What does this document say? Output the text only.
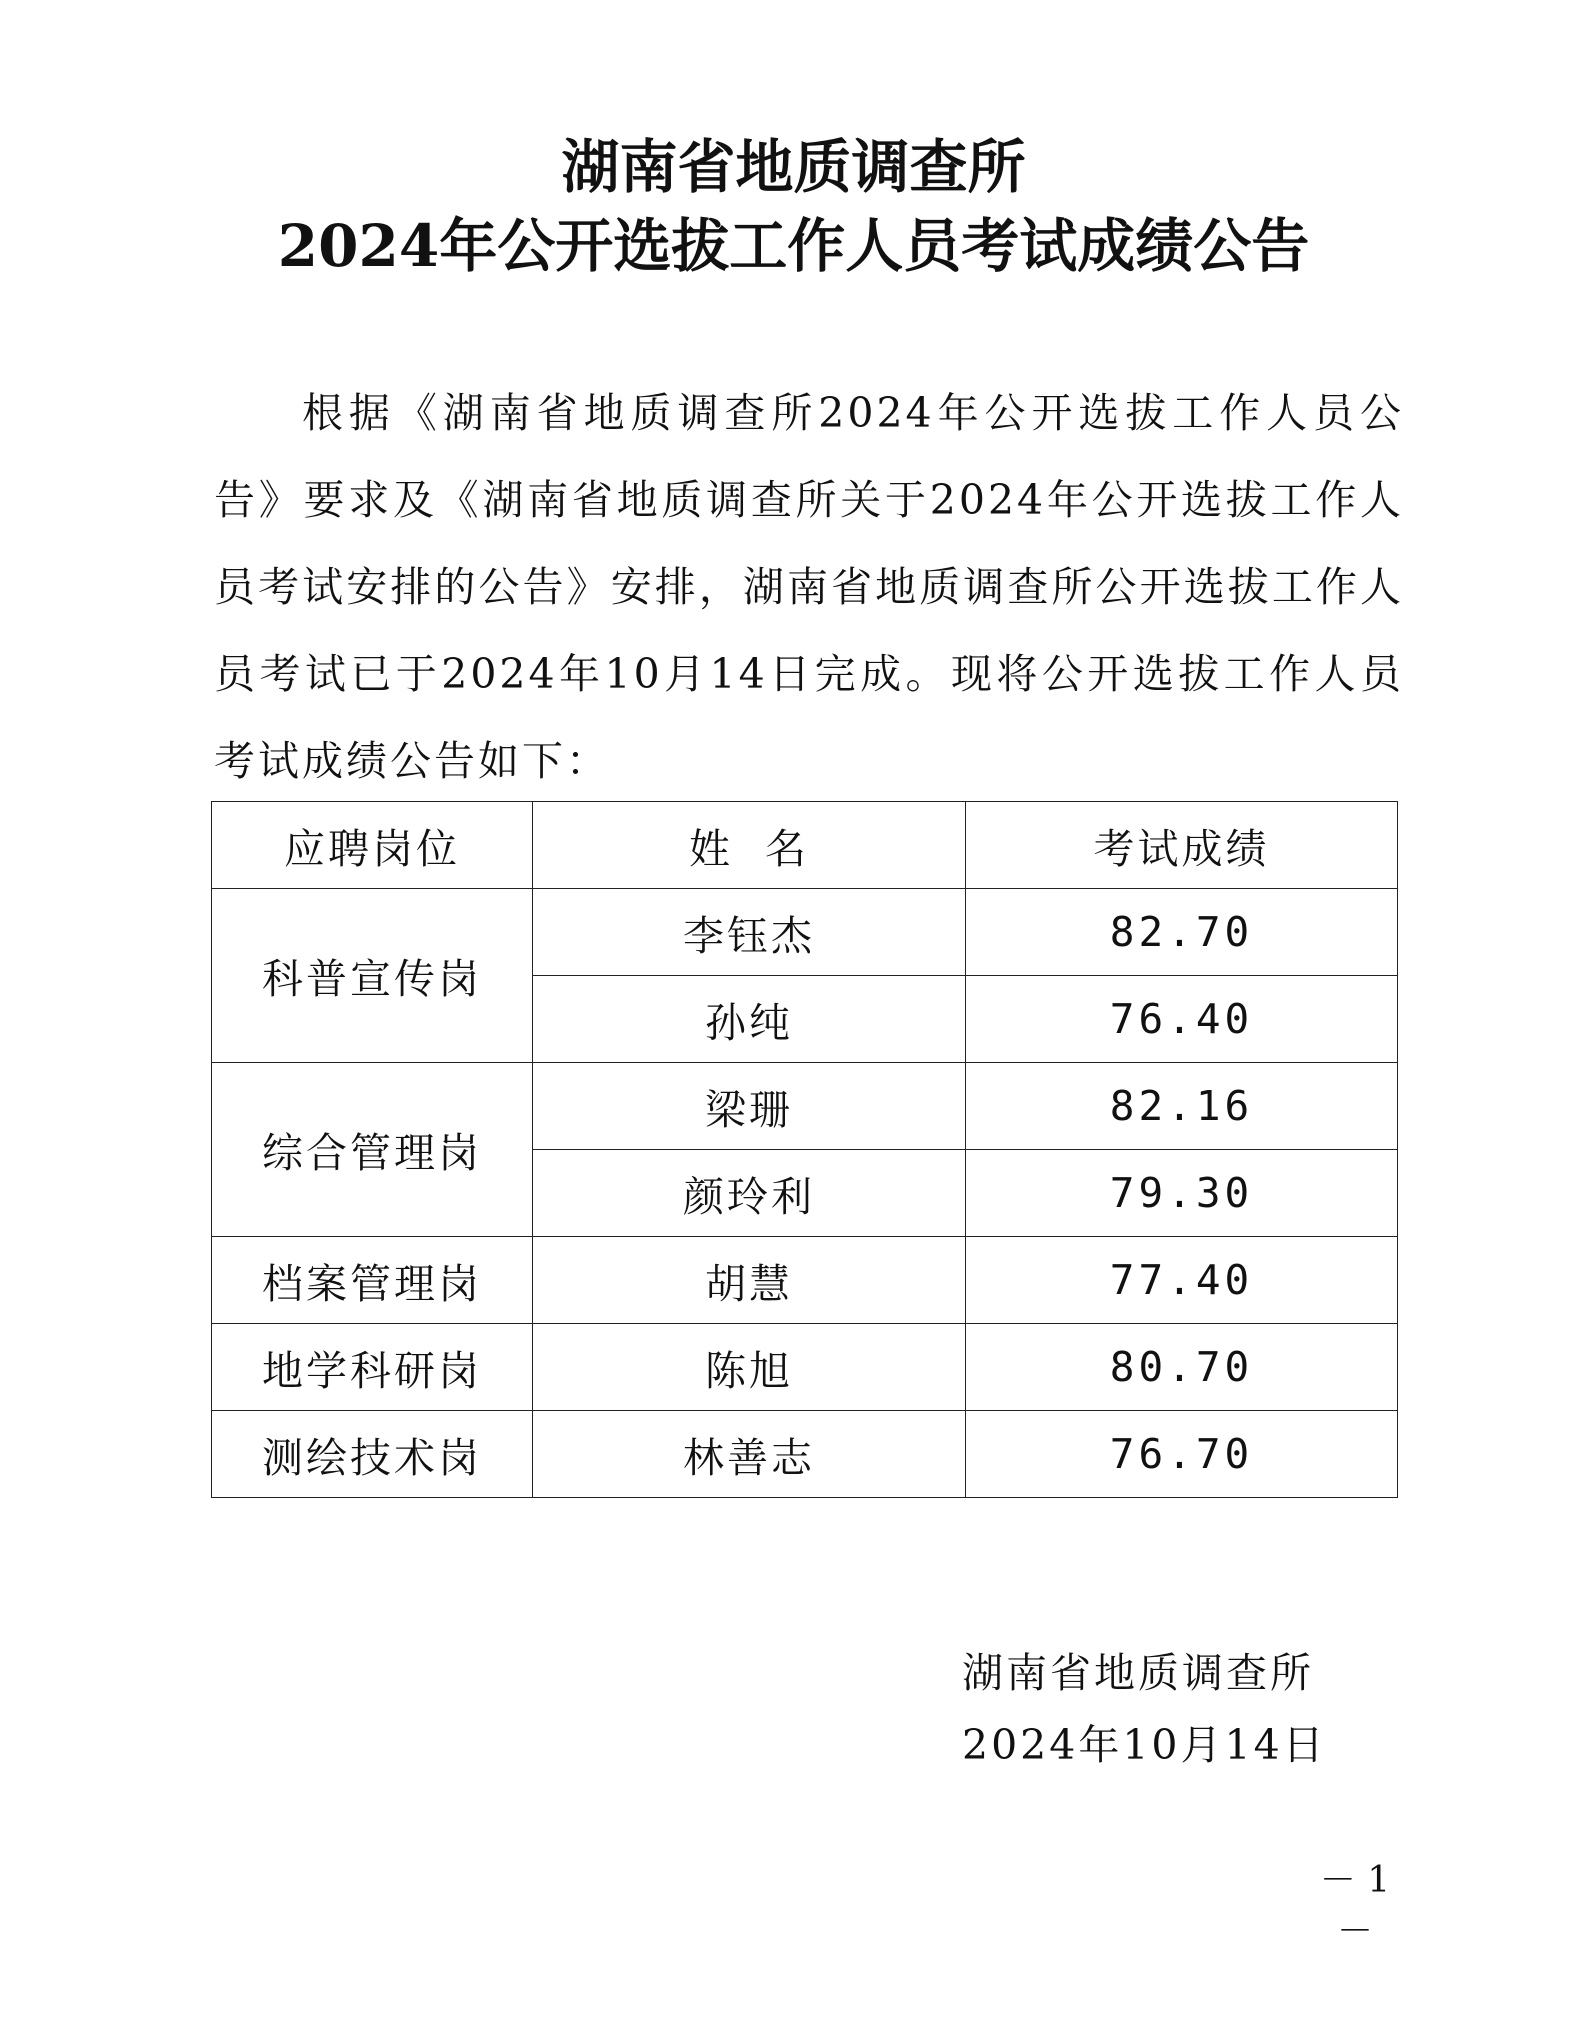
湖南省地质调查所
2024年公开选拔工作人员考试成绩公告

根据《湖南省地质调查所2024年公开选拔工作人员公告》要求及《湖南省地质调查所关于2024年公开选拔工作人员考试安排的公告》安排，湖南省地质调查所公开选拔工作人员考试已于2024年10月14日完成。现将公开选拔工作人员考试成绩公告如下：

应聘岗位	姓  名	考试成绩
科普宣传岗	李钰杰	82.70
	孙纯	76.40
综合管理岗	梁珊	82.16
	颜玲利	79.30
档案管理岗	胡慧	77.40
地学科研岗	陈旭	80.70
测绘技术岗	林善志	76.70
湖南省地质调查所
2024年10月14日
－ 1 －
